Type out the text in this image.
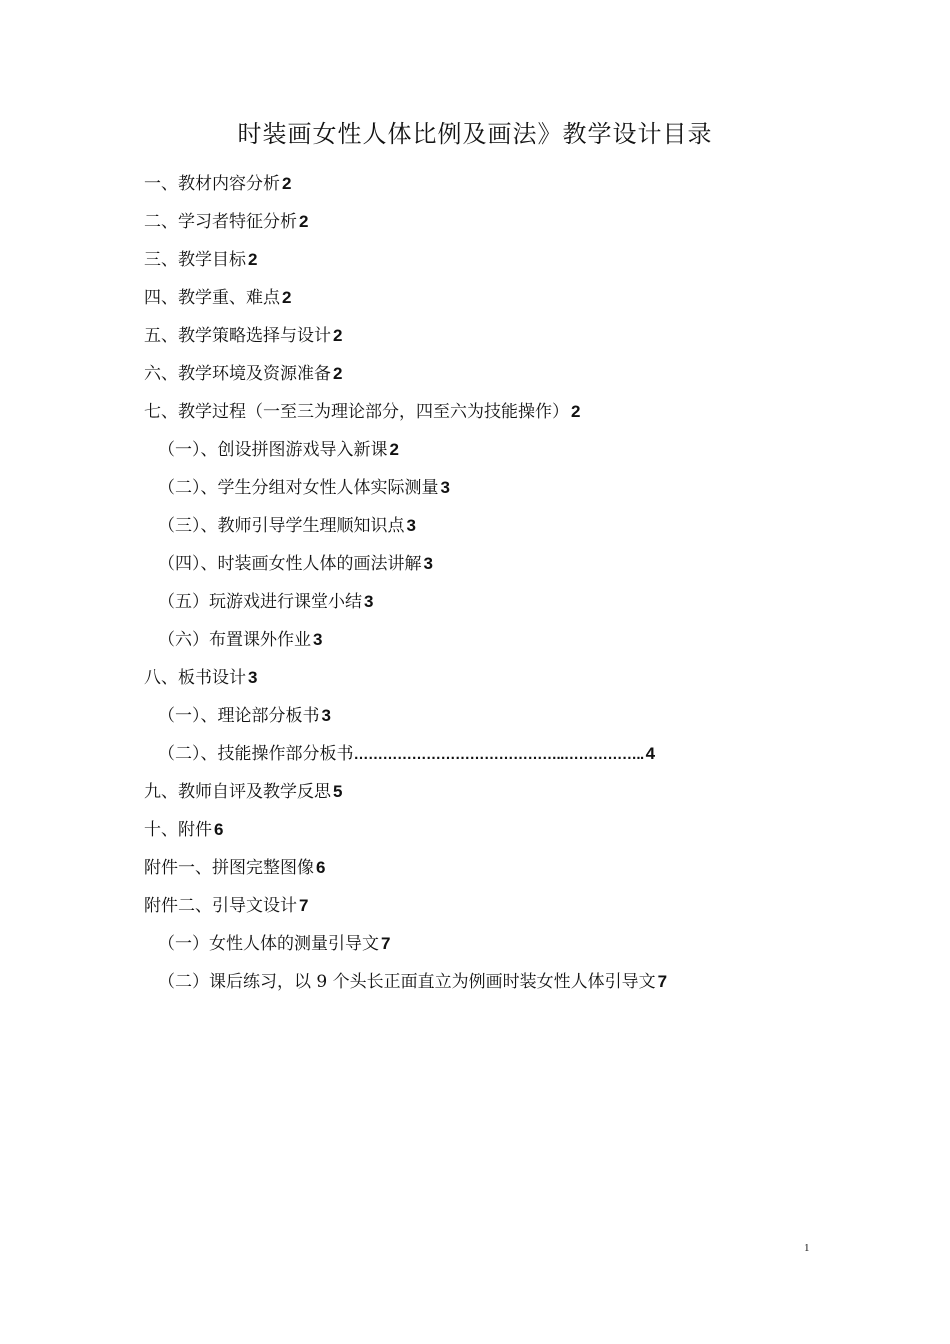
时装画女性人体比例及画法》教学设计目录
一、教材内容分析 2
二、学习者特征分析 2
三、教学目标 2
四、教学重、难点 2
五、教学策略选择与设计 2
六、教学环境及资源准备 2
七、教学过程（一至三为理论部分，四至六为技能操作） 2
（一）、创设拼图游戏导入新课 2
（二）、学生分组对女性人体实际测量 3
（三）、教师引导学生理顺知识点 3
（四）、时装画女性人体的画法讲解 3
（五）玩游戏进行课堂小结 3
（六）布置课外作业 3
八、板书设计 3
（一）、理论部分板书 3
（二）、技能操作部分板书……………………………………..…………….. 4
九、教师自评及教学反思 5
十、附件 6
附件一、拼图完整图像 6
附件二、引导文设计 7
（一）女性人体的测量引导文 7
（二）课后练习，以 9 个头长正面直立为例画时装女性人体引导文 7
1
